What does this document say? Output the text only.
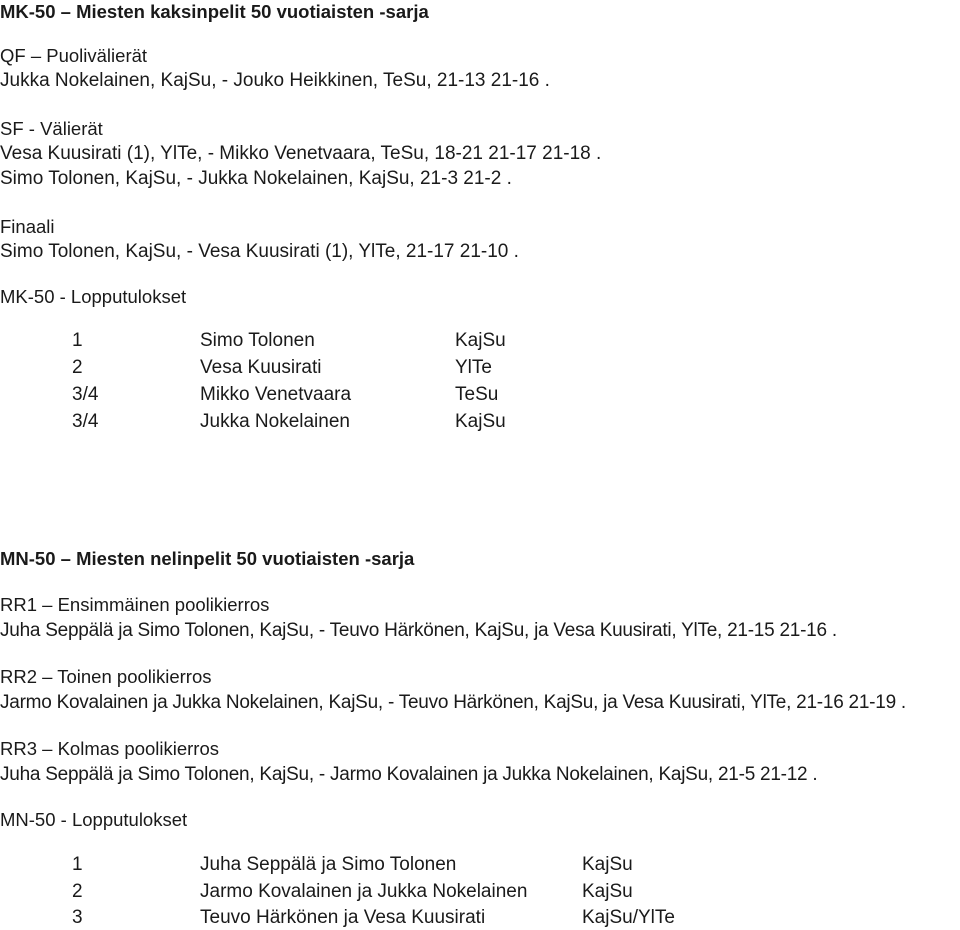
MK-50 – Miesten kaksinpelit 50 vuotiaisten -sarja
QF – Puolivälierät
Jukka Nokelainen, KajSu, - Jouko Heikkinen, TeSu, 21-13 21-16 .
SF - Välierät
Vesa Kuusirati (1), YlTe, - Mikko Venetvaara, TeSu, 18-21 21-17 21-18 .
Simo Tolonen, KajSu, - Jukka Nokelainen, KajSu, 21-3 21-2 .
Finaali
Simo Tolonen, KajSu, - Vesa Kuusirati (1), YlTe, 21-17 21-10 .
MK-50 - Lopputulokset
1	Simo Tolonen	KajSu
2	Vesa Kuusirati	YlTe
3/4	Mikko Venetvaara	TeSu
3/4	Jukka Nokelainen	KajSu
MN-50 – Miesten nelinpelit 50 vuotiaisten -sarja
RR1 – Ensimmäinen poolikierros
Juha Seppälä ja Simo Tolonen, KajSu, - Teuvo Härkönen, KajSu, ja Vesa Kuusirati, YlTe, 21-15 21-16 .
RR2 – Toinen poolikierros
Jarmo Kovalainen ja Jukka Nokelainen, KajSu, - Teuvo Härkönen, KajSu, ja Vesa Kuusirati, YlTe, 21-16 21-19 .
RR3 – Kolmas poolikierros
Juha Seppälä ja Simo Tolonen, KajSu, - Jarmo Kovalainen ja Jukka Nokelainen, KajSu, 21-5 21-12 .
MN-50 - Lopputulokset
1	Juha Seppälä ja Simo Tolonen	KajSu
2	Jarmo Kovalainen ja Jukka Nokelainen	KajSu
3	Teuvo Härkönen ja Vesa Kuusirati	KajSu/YlTe
